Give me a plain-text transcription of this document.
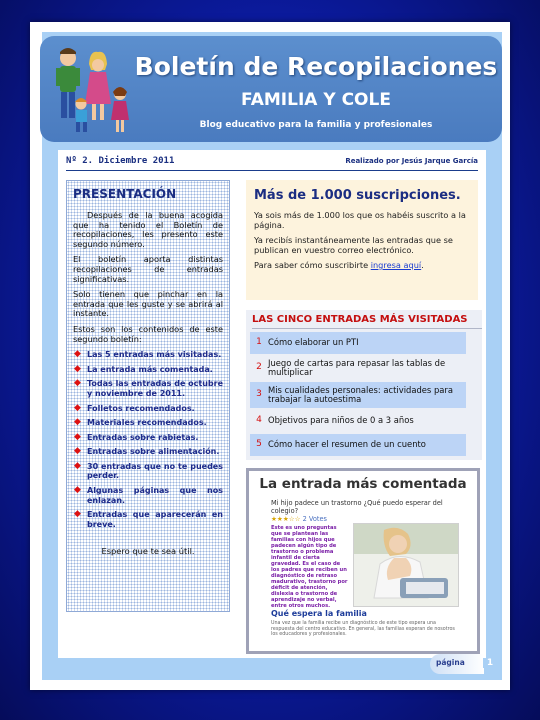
Boletín de Recopilaciones
FAMILIA Y COLE
Blog educativo para la familia y profesionales
Nº 2. Diciembre 2011	Realizado por Jesús Jarque García
PRESENTACIÓN

Después de la buena acogida que ha tenido el Boletín de recopilaciones, les presento este segundo número.

El boletín aporta distintas recopilaciones de entradas significativas.

Solo tienen que pinchar en la entrada que les guste y se abrirá al instante.

Estos son los contenidos de este segundo boletín:

◆ Las 5 entradas más visitadas.
◆ La entrada más comentada.
◆ Todas las entradas de octubre y noviembre de 2011.
◆ Folletos recomendados.
◆ Materiales recomendados.
◆ Entradas sobre rabietas.
◆ Entradas sobre alimentación.
◆ 30 entradas que no te puedes perder.
◆ Algunas páginas que nos enlazan.
◆ Entradas que aparecerán en breve.
Espero que te sea útil.
Más de 1.000 suscripciones.

Ya sois más de 1.000 los que os habéis suscrito a la página.

Ya recibís instantáneamente las entradas que se publican en vuestro correo electrónico.

Para saber cómo suscribirte ingresa aquí.

LAS CINCO ENTRADAS MÁS VISITADAS
1 Cómo elaborar un PTI
2 Juego de cartas para repasar las tablas de multiplicar
3 Mis cualidades personales: actividades para trabajar la autoestima
4 Objetivos para niños de 0 a 3 años
5 Cómo hacer el resumen de un cuento
La entrada más comentada
Mi hijo padece un trastorno ¿Qué puedo esperar del colegio?
★★★☆☆ 2 Votes
Este es uno preguntas que se plantean las familias con hijos que padecen algún tipo de trastorno o problema infantil de cierta gravedad. Es el caso de los padres que reciben un diagnóstico de retraso madurativo, trastorno por déficit de atención, dislexia o trastorno de aprendizaje no verbal, entre otros muchos.
Qué espera la familia
Una vez que la familia recibe un diagnóstico de este tipo espera una respuesta del centro educativo. En general, las familias esperan de nosotros los educadores y profesionales.
página	1
